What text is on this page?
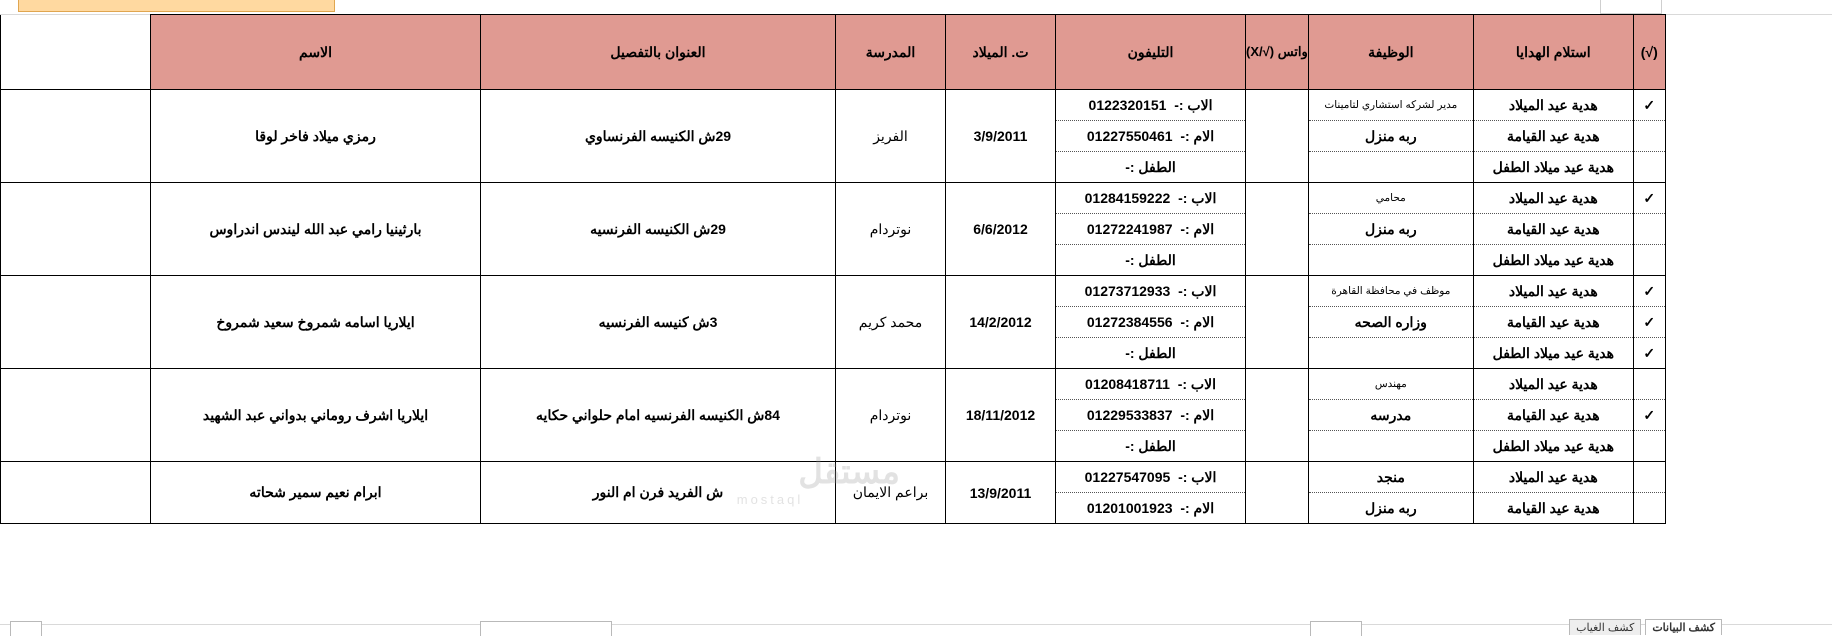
(√)	استلام الهدايا	الوظيفة	واتس (√/X)	التليفون	ت. الميلاد	المدرسة	العنوان بالتفصيل	الاسم	
✓	هدية عيد الميلاد	مدير لشركه استشاري لتامينات		الاب :-  0122320151	3/9/2011	الفريز	29ش الكنيسه الفرنساوي	رمزي ميلاد فاخر لوقا	
	هدية عيد القيامة	ربه منزل		الام :-  01227550461					
	هدية عيد ميلاد الطفل			الطفل :-					
✓	هدية عيد الميلاد	محامي		الاب :-  01284159222	6/6/2012	نوتردام	29ش الكنيسه الفرنسيه	بارثينيا رامي عبد الله ليندس اندراوس	
	هدية عيد القيامة	ربه منزل		الام :-  01272241987					
	هدية عيد ميلاد الطفل			الطفل :-					
✓	هدية عيد الميلاد	موظف في محافظة القاهرة		الاب :-  01273712933	14/2/2012	محمد كريم	3ش كنيسه الفرنسيه	ايلاريا اسامه شمروخ سعيد شمروخ	
✓	هدية عيد القيامة	وزاره الصحه		الام :-  01272384556					
✓	هدية عيد ميلاد الطفل			الطفل :-					
	هدية عيد الميلاد	مهندس		الاب :-  01208418711	18/11/2012	نوتردام	84ش الكنيسه الفرنسيه امام حلواني حكايه	ايلاريا اشرف روماني بدواني عبد الشهيد	
✓	هدية عيد القيامة	مدرسه		الام :-  01229533837					
	هدية عيد ميلاد الطفل			الطفل :-					
	هدية عيد الميلاد	منجد		الاب :-  01227547095	13/9/2011	براعم الايمان	ش الفريد فرن ام النور	ابرام نعيم سمير شحاته	
	هدية عيد القيامة	ربه منزل		الام :-  01201001923					
مستقل
mostaql
كشف البيانات
كشف الغياب
